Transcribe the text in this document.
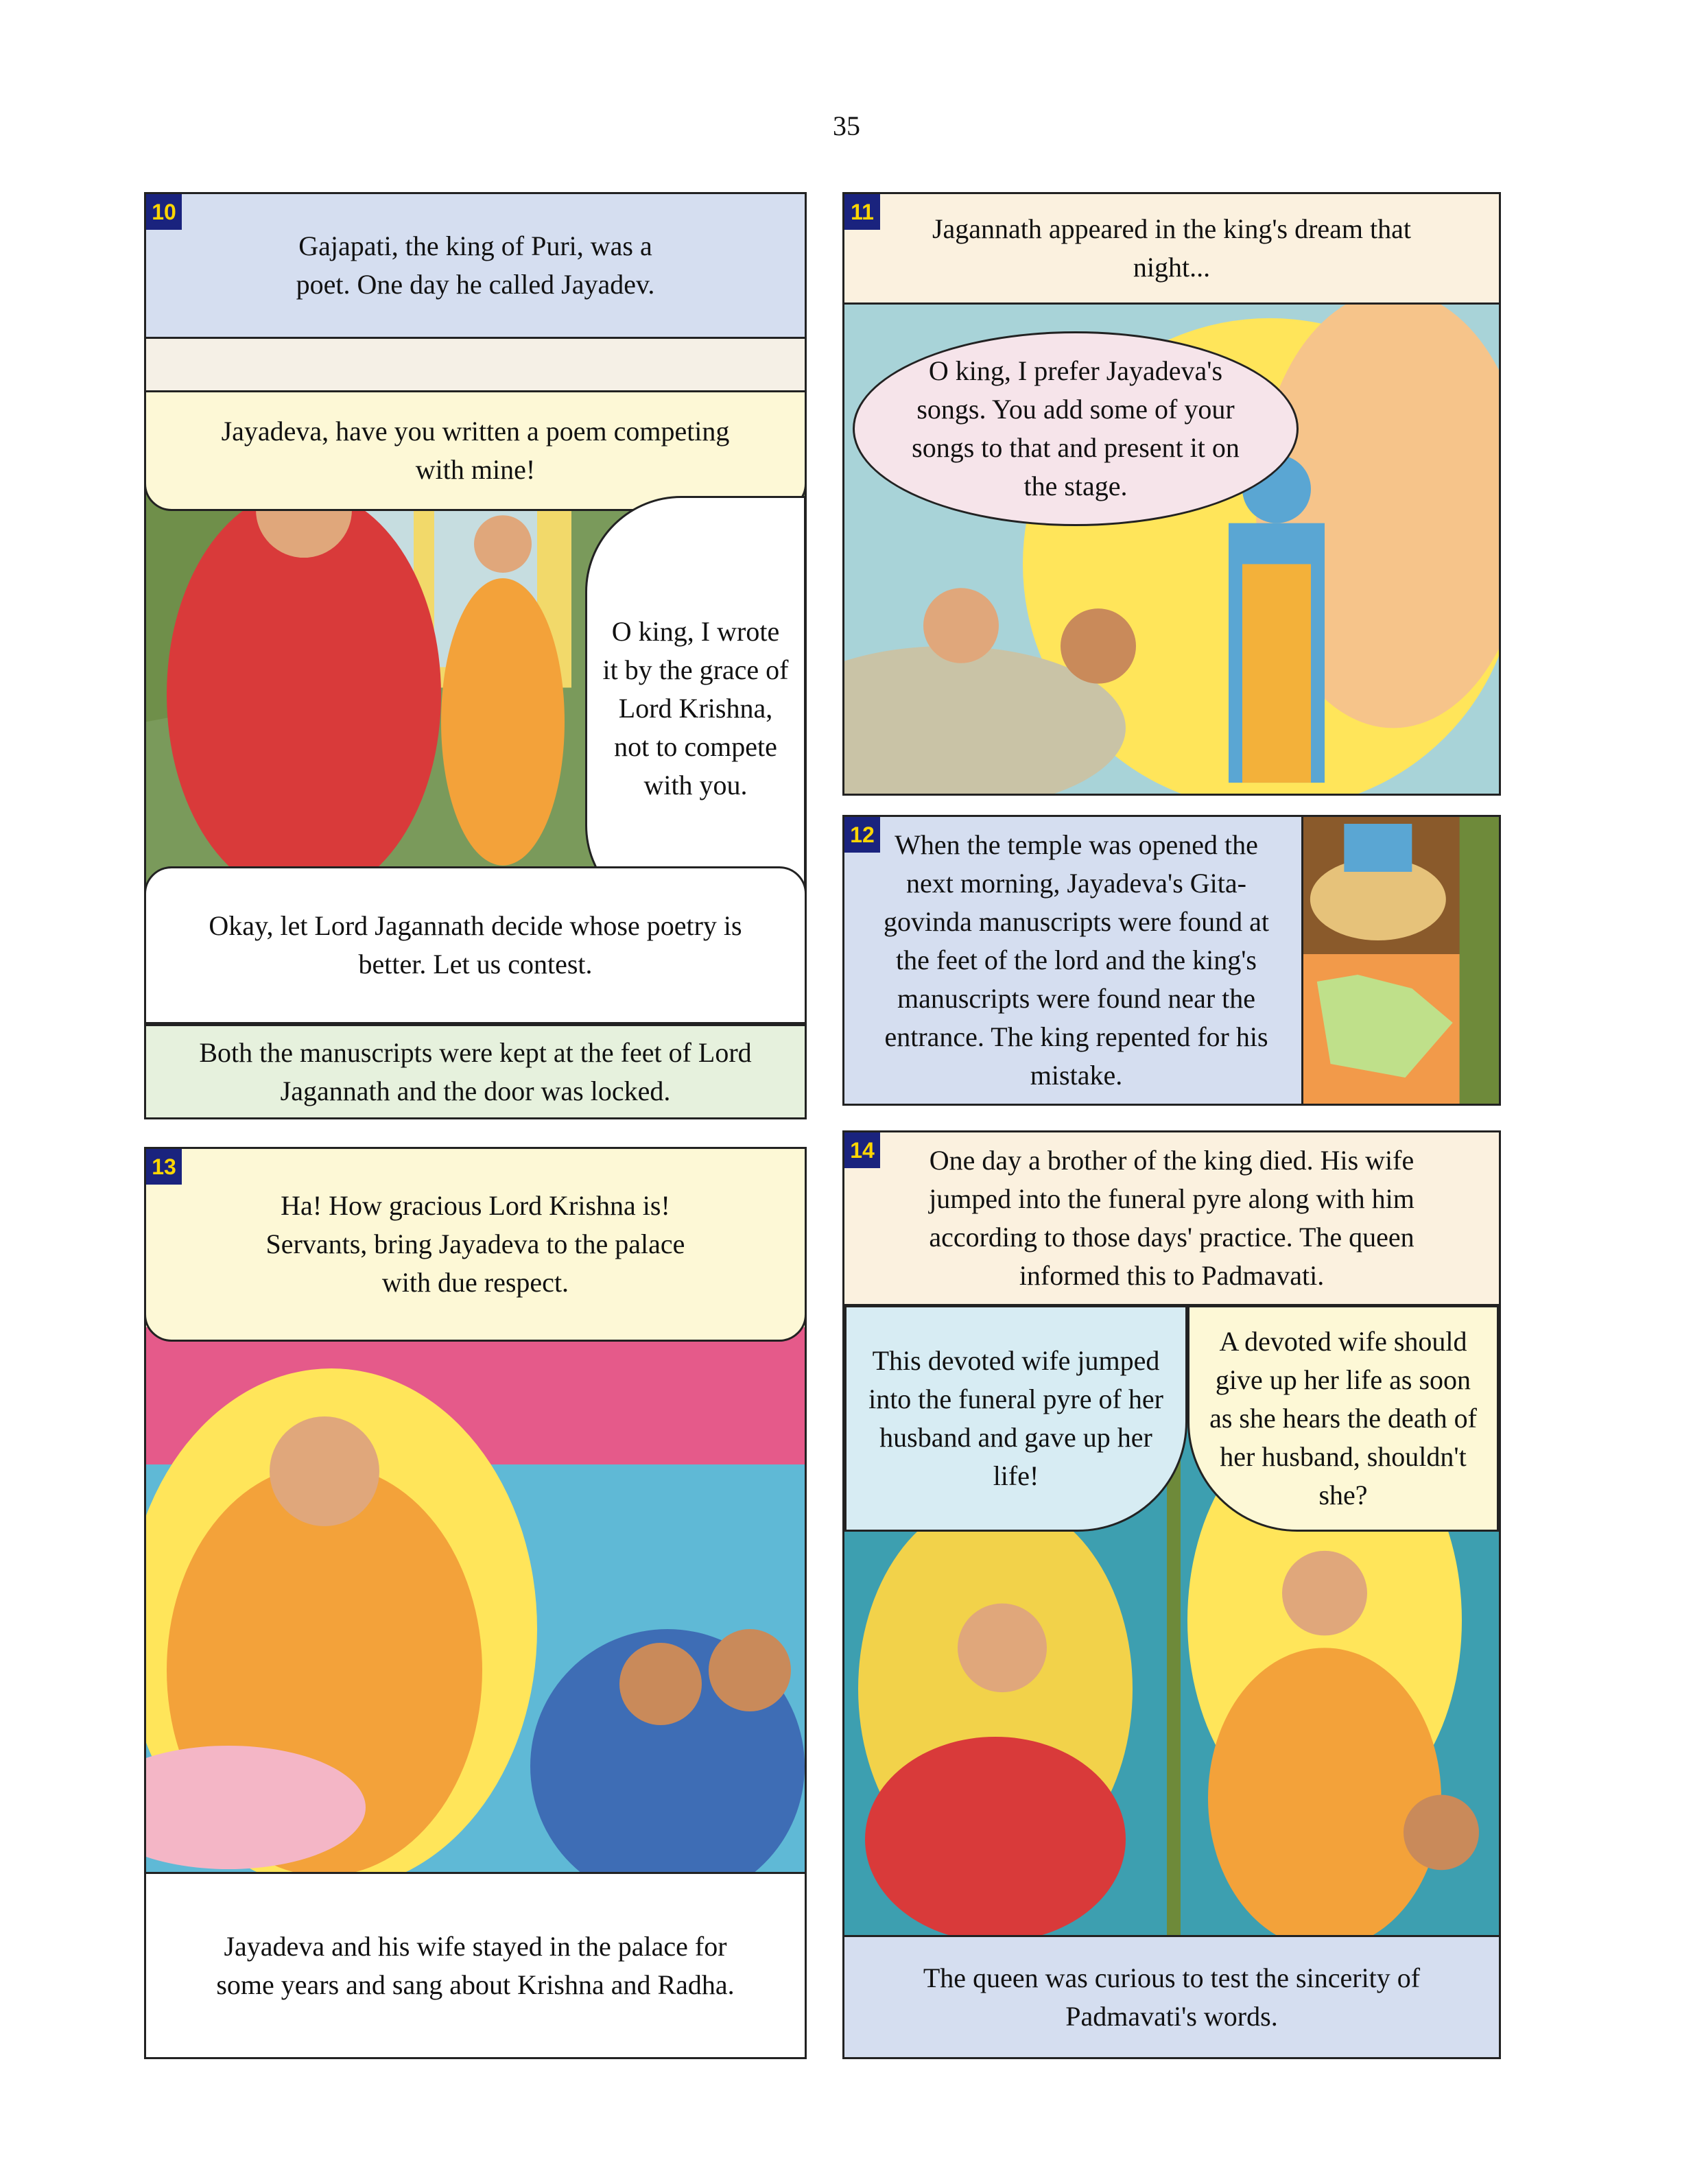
35
10
Gajapati, the king of Puri, was a poet. One day he called Jayadev.
Jayadeva, have you written a poem competing with mine!
O king, I wrote it by the grace of Lord Krishna, not to compete with you.
Okay, let Lord Jagannath decide whose poetry is better. Let us contest.
Both the manuscripts were kept at the feet of Lord Jagannath and the door was locked.
11
Jagannath appeared in the king's dream that night...
O king, I prefer Jayadeva's songs. You add some of your songs to that and present it on the stage.
12 When the temple was opened the next morning, Jayadeva's Gita-govinda manuscripts were found at the feet of the lord and the king's manuscripts were found near the entrance. The king repented for his mistake.
13
Ha! How gracious Lord Krishna is! Servants, bring Jayadeva to the palace with due respect.
Jayadeva and his wife stayed in the palace for some years and sang about Krishna and Radha.
14	One day a brother of the king died. His wife jumped into the funeral pyre along with him according to those days' practice. The queen informed this to Padmavati.
This devoted wife jumped into the funeral pyre of her husband and gave up her life!
A devoted wife should give up her life as soon as she hears the death of her husband, shouldn't she?
The queen was curious to test the sincerity of Padmavati's words.
